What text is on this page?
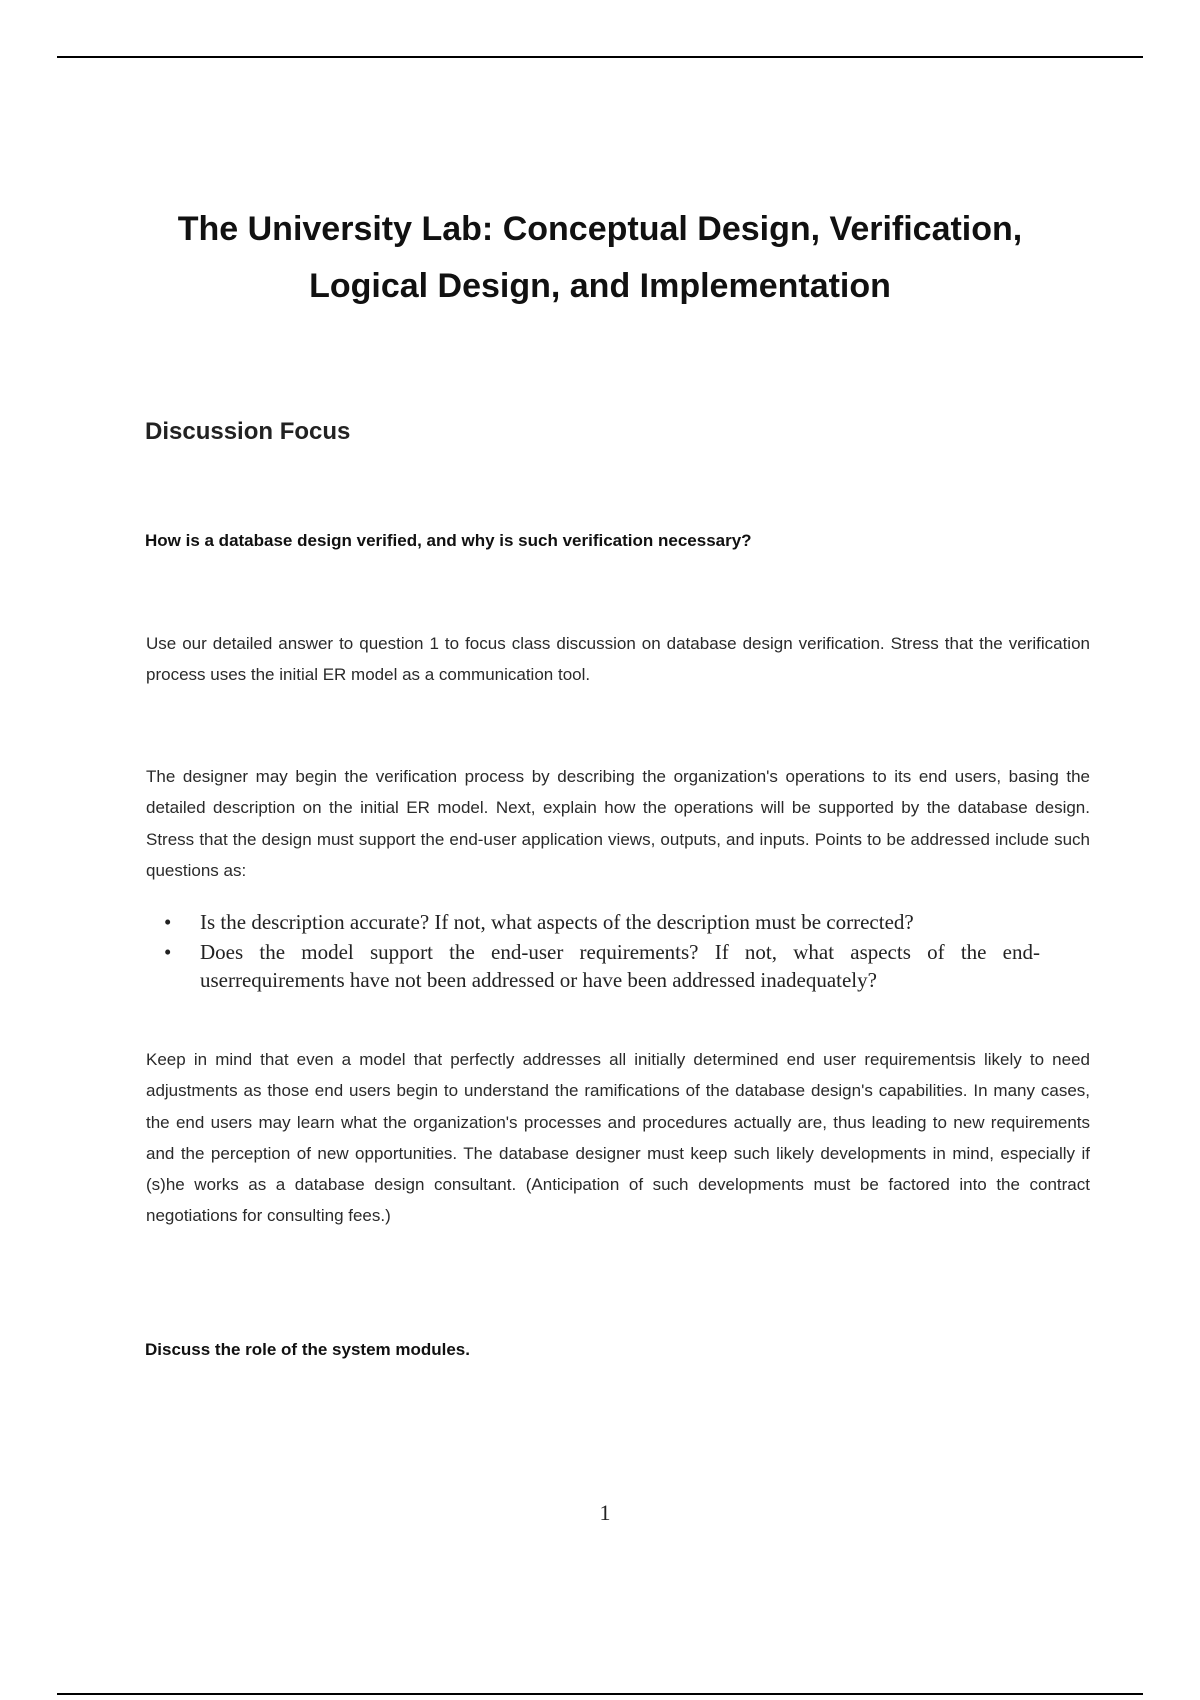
The University Lab: Conceptual Design, Verification,
Logical Design, and Implementation
Discussion Focus

How is a database design verified, and why is such verification necessary?

Use our detailed answer to question 1 to focus class discussion on database design verification. Stress that the verification process uses the initial ER model as a communication tool.

The designer may begin the verification process by describing the organization's operations to its end users, basing the detailed description on the initial ER model. Next, explain how the operations will be supported by the database design. Stress that the design must support the end-user application views, outputs, and inputs. Points to be addressed include such questions as:

• Is the description accurate? If not, what aspects of the description must be corrected?
• Does the model support the end-user requirements? If not, what aspects of the end-userrequirements have not been addressed or have been addressed inadequately?

Keep in mind that even a model that perfectly addresses all initially determined end user requirementsis likely to need adjustments as those end users begin to understand the ramifications of the database design's capabilities. In many cases, the end users may learn what the organization's processes and procedures actually are, thus leading to new requirements and the perception of new opportunities. The database designer must keep such likely developments in mind, especially if (s)he works as a database design consultant. (Anticipation of such developments must be factored into the contract negotiations for consulting fees.)

Discuss the role of the system modules.

1
